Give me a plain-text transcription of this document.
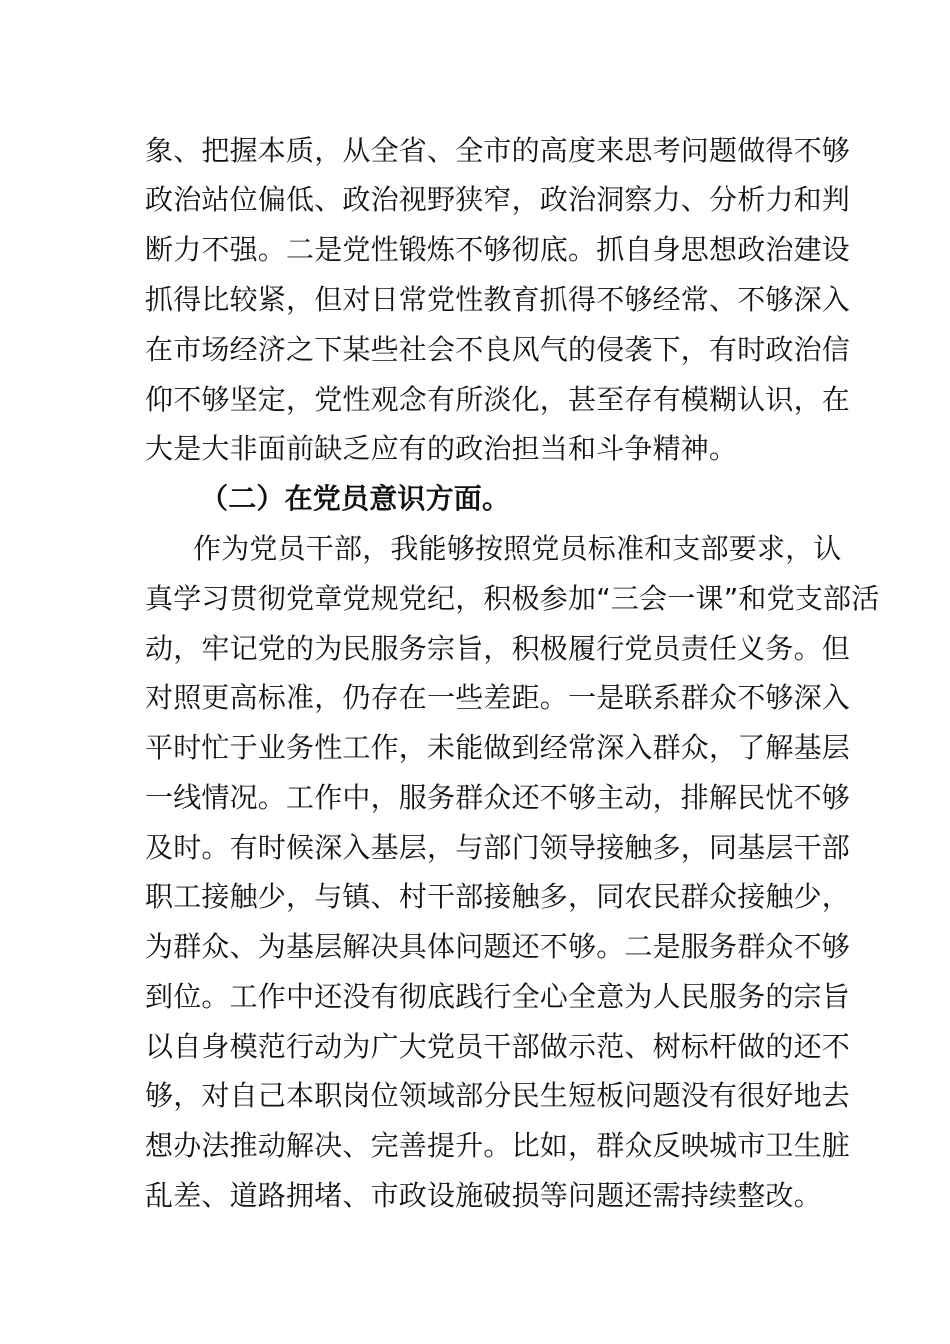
象、把握本质，从全省、全市的高度来思考问题做得不够
政治站位偏低、政治视野狭窄，政治洞察力、分析力和判
断力不强。二是党性锻炼不够彻底。抓自身思想政治建设
抓得比较紧，但对日常党性教育抓得不够经常、不够深入
在市场经济之下某些社会不良风气的侵袭下，有时政治信
仰不够坚定，党性观念有所淡化，甚至存有模糊认识，在
大是大非面前缺乏应有的政治担当和斗争精神。
（二）在党员意识方面。
作为党员干部，我能够按照党员标准和支部要求，认
真学习贯彻党章党规党纪，积极参加“三会一课”和党支部活
动，牢记党的为民服务宗旨，积极履行党员责任义务。但
对照更高标准，仍存在一些差距。一是联系群众不够深入
平时忙于业务性工作，未能做到经常深入群众，了解基层
一线情况。工作中，服务群众还不够主动，排解民忧不够
及时。有时候深入基层，与部门领导接触多，同基层干部
职工接触少，与镇、村干部接触多，同农民群众接触少，
为群众、为基层解决具体问题还不够。二是服务群众不够
到位。工作中还没有彻底践行全心全意为人民服务的宗旨
以自身模范行动为广大党员干部做示范、树标杆做的还不
够，对自己本职岗位领域部分民生短板问题没有很好地去
想办法推动解决、完善提升。比如，群众反映城市卫生脏
乱差、道路拥堵、市政设施破损等问题还需持续整改。
